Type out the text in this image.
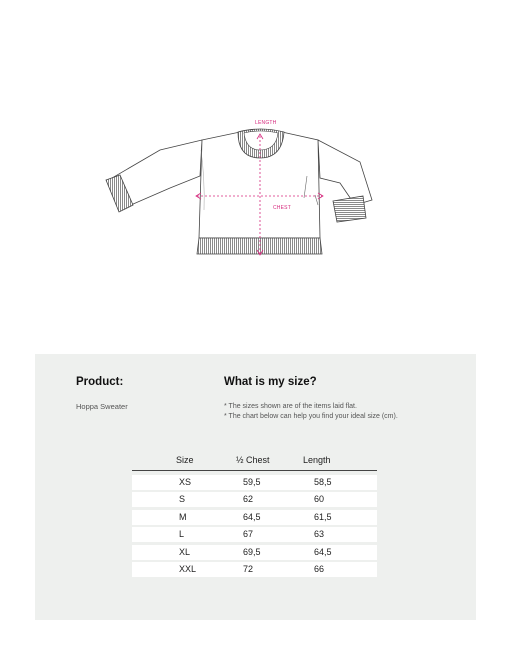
LENGTH
CHEST
Product:
Hoppa Sweater
What is my size?
* The sizes shown are of the items laid flat.
* The chart below can help you find your ideal size (cm).
Size	½ Chest	Length
XS	59,5	58,5
S	62	60
M	64,5	61,5
L	67	63
XL	69,5	64,5
XXL	72	66
